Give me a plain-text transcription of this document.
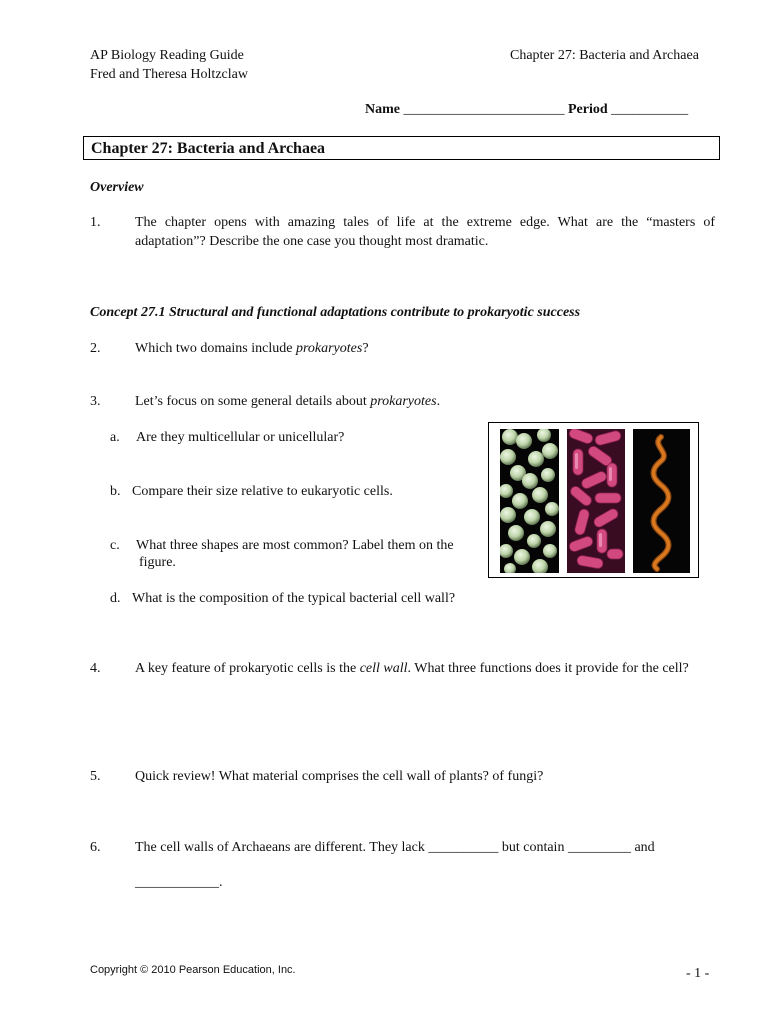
AP Biology Reading Guide
Fred and Theresa Holtzclaw
Chapter 27: Bacteria and Archaea
Name _______________________ Period ___________
Chapter 27: Bacteria and Archaea
Overview
1. The chapter opens with amazing tales of life at the extreme edge. What are the “masters of adaptation”? Describe the one case you thought most dramatic.
Concept 27.1 Structural and functional adaptations contribute to prokaryotic success
2. Which two domains include prokaryotes?
3. Let’s focus on some general details about prokaryotes.
a. Are they multicellular or unicellular?
b. Compare their size relative to eukaryotic cells.
c. What three shapes are most common? Label them on the
figure.
d. What is the composition of the typical bacterial cell wall?
4. A key feature of prokaryotic cells is the cell wall. What three functions does it provide for the cell?
5. Quick review! What material comprises the cell wall of plants? of fungi?
6. The cell walls of Archaeans are different. They lack __________ but contain _________ and
____________.
Copyright © 2010 Pearson Education, Inc.	- 1 -
